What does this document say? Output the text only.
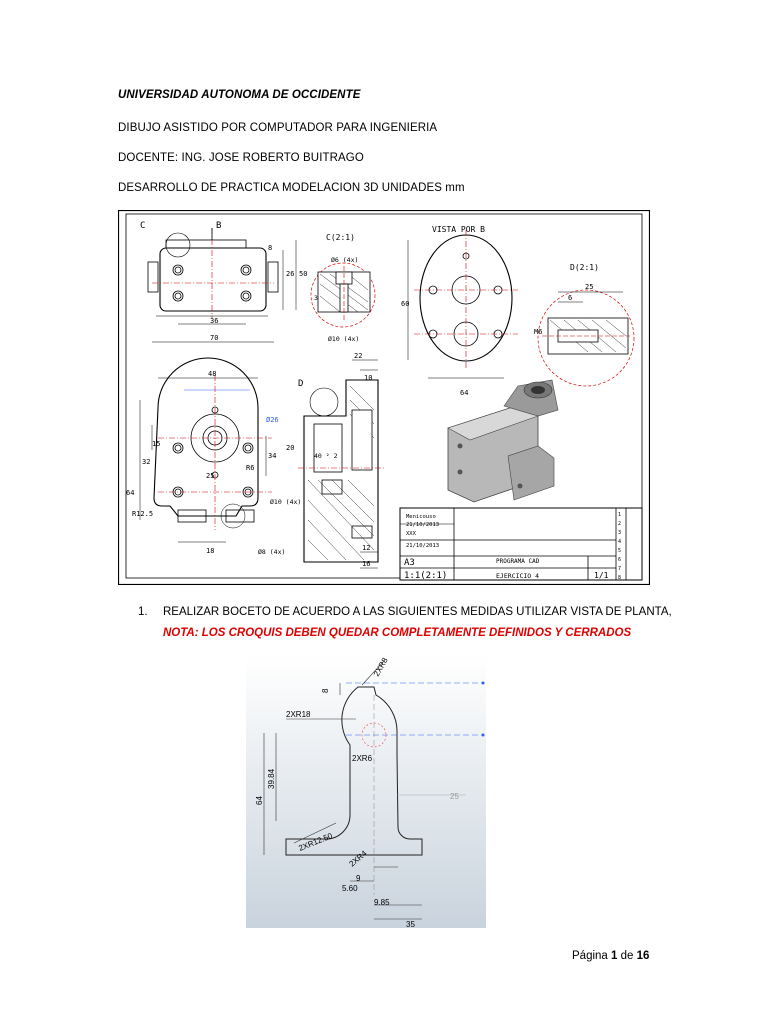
UNIVERSIDAD AUTONOMA DE OCCIDENTE
DIBUJO ASISTIDO POR COMPUTADOR PARA INGENIERIA
DOCENTE: ING. JOSE ROBERTO BUITRAGO
DESARROLLO DE PRACTICA MODELACION 3D UNIDADES mm
C	B
36
70
26 50
8
C(2:1)
Ø6 (4x)
Ø10 (4x)
3
VISTA POR B
60
64
D(2:1)
25
6
M6
48
64
32
15
34
18
25
R6
R12.5
Ø26
Ø10 (4x)
Ø8 (4x)
D
22
10
40 ² 2
12
16
20
Menicouso
21/10/2013
XXX
21/10/2013
A3	PROGRAMA CAD
1:1(2:1)	EJERCICIO 4	1/1
1
2
3
4
5
6
7
8
1. REALIZAR BOCETO DE ACUERDO A LAS SIGUIENTES MEDIDAS UTILIZAR VISTA DE PLANTA,
NOTA: LOS CROQUIS DEBEN QUEDAR COMPLETAMENTE DEFINIDOS Y CERRADOS
2XR8
2XR18
2XR6
2XR12.50
2XR4
8
39.84
64	25
9
5.60
9.85
35
Página 1 de 16
